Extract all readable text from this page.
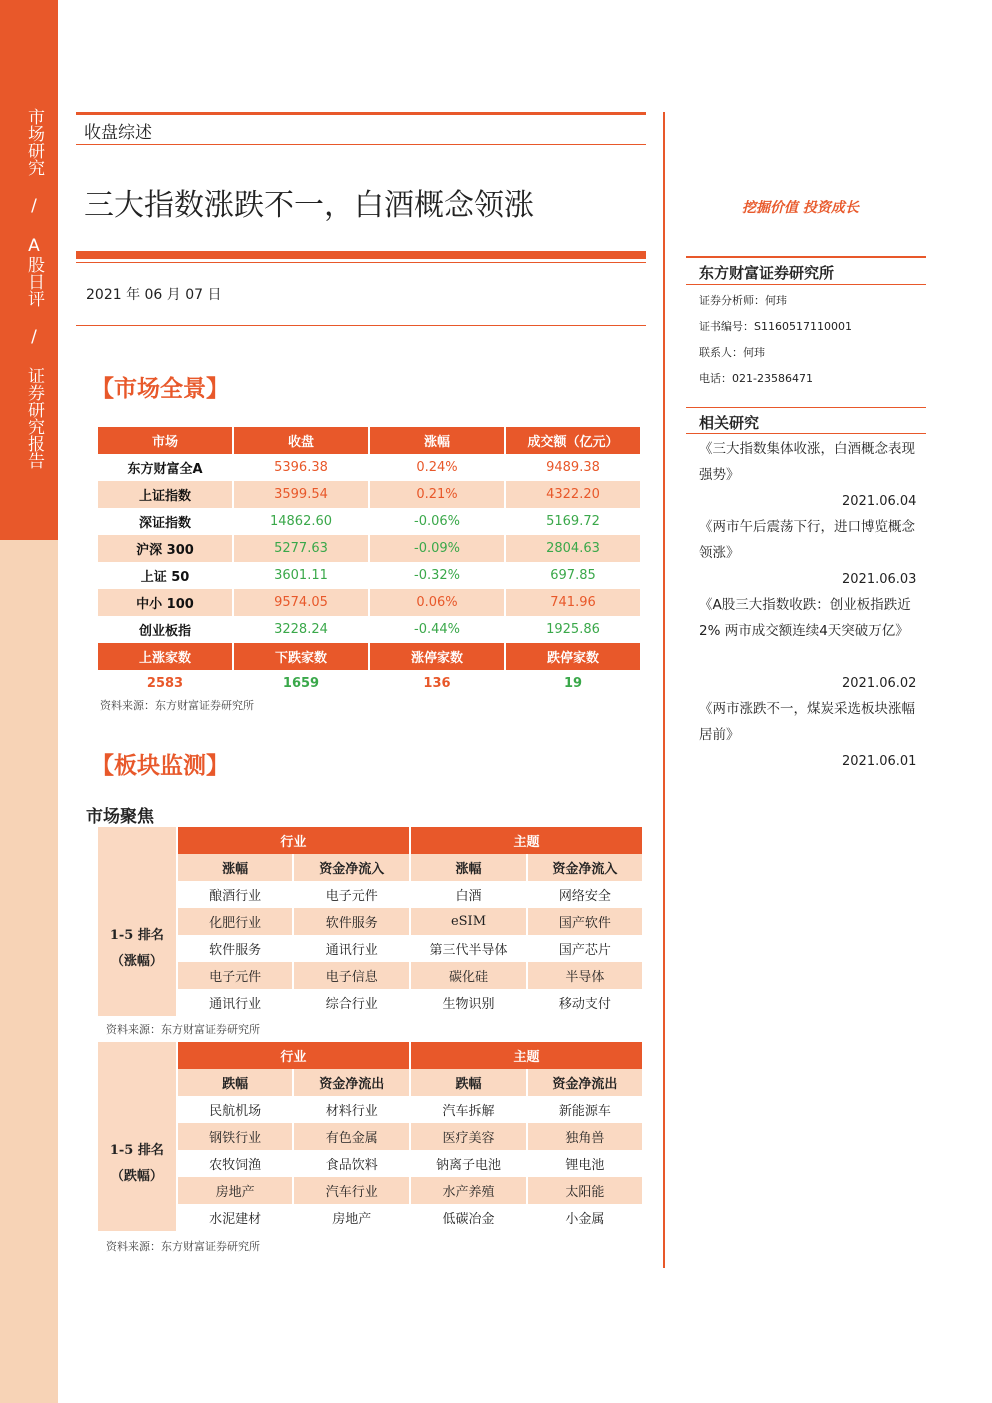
市场研究 / A股日评 / 证券研究报告 收盘综述
三大指数涨跌不一，白酒概念领涨
2021 年 06 月 07 日
【市场全景】
市场	收盘	涨幅	成交额（亿元）
东方财富全A	5396.38	0.24%	9489.38
上证指数	3599.54	0.21%	4322.20
深证指数	14862.60	-0.06%	5169.72
沪深 300	5277.63	-0.09%	2804.63
上证 50	3601.11	-0.32%	697.85
中小 100	9574.05	0.06%	741.96
创业板指	3228.24	-0.44%	1925.86
上涨家数	下跌家数	涨停家数	跌停家数
2583	1659	136	19
资料来源：东方财富证券研究所
【板块监测】
市场聚焦
	行业		主题	
	涨幅	资金净流入	涨幅	资金净流入

1-5 排名
（涨幅）	酿酒行业	电子元件	白酒	网络安全
	化肥行业	软件服务	eSIM	国产软件
	软件服务	通讯行业	第三代半导体	国产芯片
	电子元件	电子信息	碳化硅	半导体
	通讯行业	综合行业	生物识别	移动支付
资料来源：东方财富证券研究所
	行业		主题	
	跌幅	资金净流出	跌幅	资金净流出

1-5 排名
（跌幅）	民航机场	材料行业	汽车拆解	新能源车
	钢铁行业	有色金属	医疗美容	独角兽
	农牧饲渔	食品饮料	钠离子电池	锂电池
	房地产	汽车行业	水产养殖	太阳能
	水泥建材	房地产	低碳冶金	小金属
资料来源：东方财富证券研究所
挖掘价值 投资成长
东方财富证券研究所
证券分析师：何玮
证书编号：S1160517110001
联系人：何玮
电话：021-23586471
相关研究
《三大指数集体收涨，白酒概念表现强势》
2021.06.04
《两市午后震荡下行，进口博览概念领涨》
2021.06.03
《A股三大指数收跌：创业板指跌近2% 两市成交额连续4天突破万亿》
2021.06.02
《两市涨跌不一，煤炭采选板块涨幅居前》
2021.06.01
